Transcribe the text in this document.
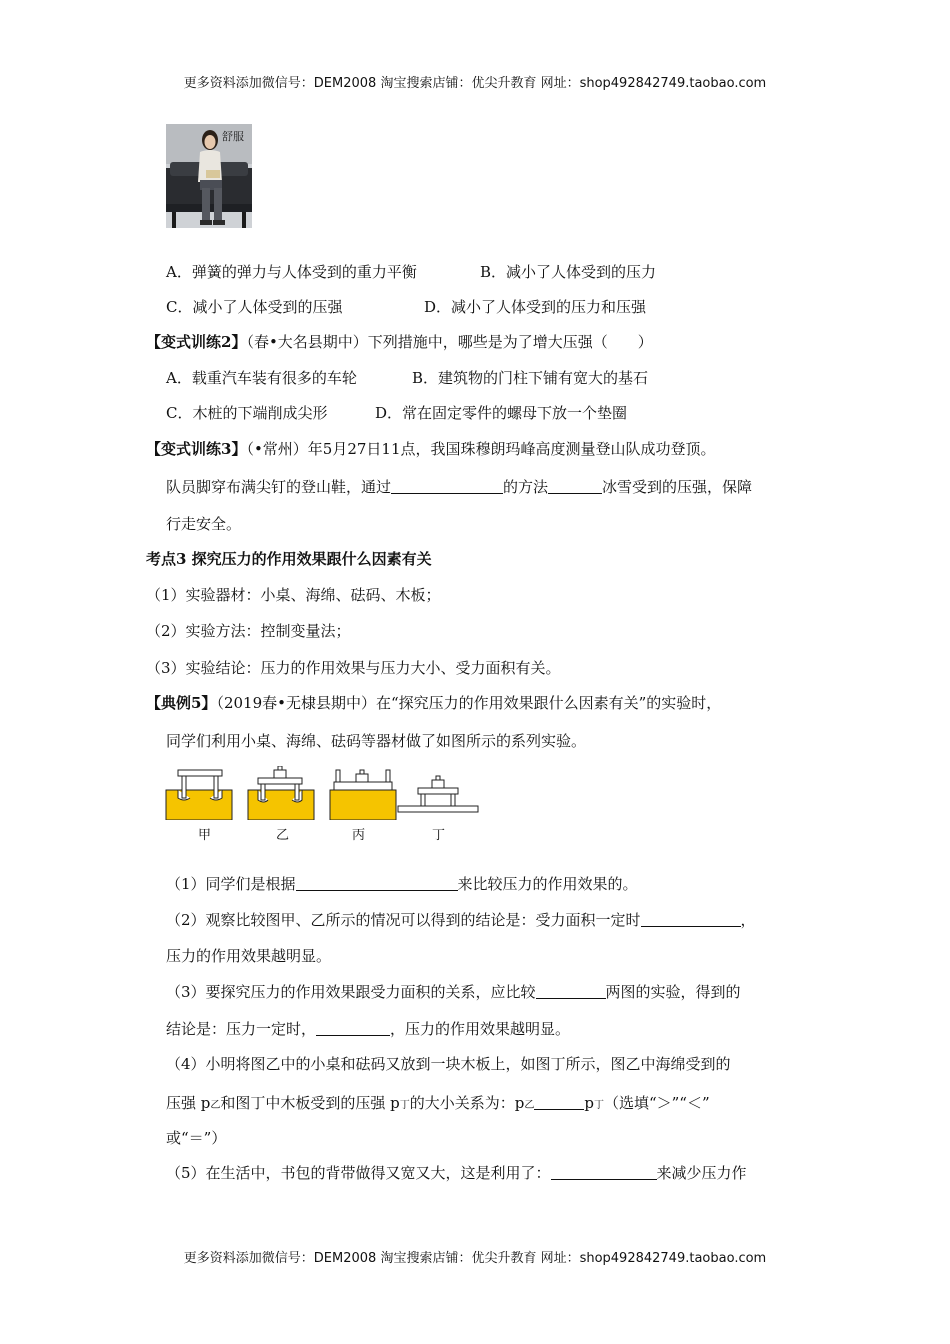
更多资料添加微信号：DEM2008 淘宝搜索店铺：优尖升教育 网址：shop492842749.taobao.com
舒服
A．弹簧的弹力与人体受到的重力平衡	B．减小了人体受到的压力
C．减小了人体受到的压强	D．减小了人体受到的压力和压强
【变式训练2】（春•大名县期中）下列措施中，哪些是为了增大压强（　　）
A．载重汽车装有很多的车轮	B．建筑物的门柱下铺有宽大的基石
C．木桩的下端削成尖形	D．常在固定零件的螺母下放一个垫圈
【变式训练3】（•常州）年5月27日11点，我国珠穆朗玛峰高度测量登山队成功登顶。
队员脚穿布满尖钉的登山鞋，通过	的方法	冰雪受到的压强，保障
行走安全。
考点3 探究压力的作用效果跟什么因素有关
（1）实验器材：小桌、海绵、砝码、木板；
（2）实验方法：控制变量法；
（3）实验结论：压力的作用效果与压力大小、受力面积有关。
【典例5】（2019春•无棣县期中）在“探究压力的作用效果跟什么因素有关”的实验时，
同学们利用小桌、海绵、砝码等器材做了如图所示的系列实验。
甲	乙	丙	丁
（1）同学们是根据	来比较压力的作用效果的。
（2）观察比较图甲、乙所示的情况可以得到的结论是：受力面积一定时	，
压力的作用效果越明显。
（3）要探究压力的作用效果跟受力面积的关系，应比较	两图的实验，得到的
结论是：压力一定时，	，压力的作用效果越明显。
（4）小明将图乙中的小桌和砝码又放到一块木板上，如图丁所示，图乙中海绵受到的
压强 p乙和图丁中木板受到的压强 p丁的大小关系为：p乙	p丁（选填“＞”“＜”
或“＝”）
（5）在生活中，书包的背带做得又宽又大，这是利用了：	来减少压力作
更多资料添加微信号：DEM2008 淘宝搜索店铺：优尖升教育 网址：shop492842749.taobao.com
